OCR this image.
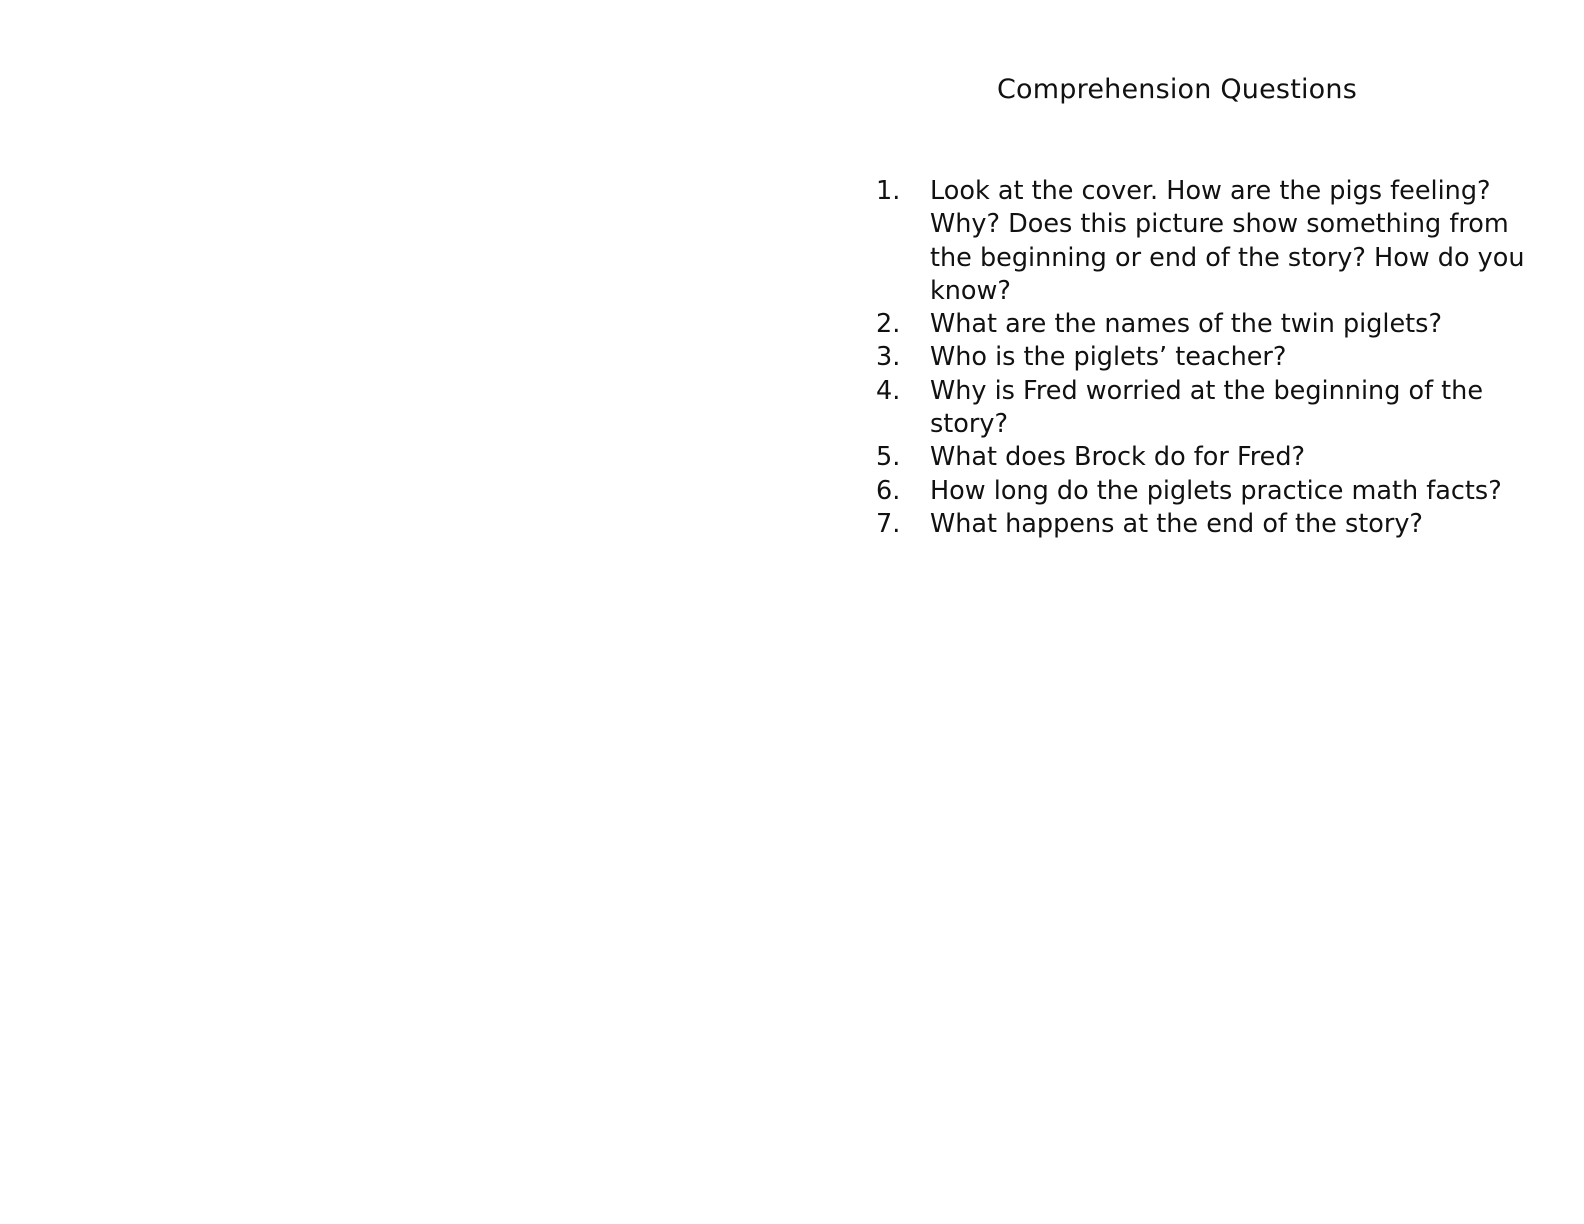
Comprehension Questions
1. Look at the cover. How are the pigs feeling? Why? Does this picture show something from the beginning or end of the story? How do you know?
2. What are the names of the twin piglets?
3. Who is the piglets’ teacher?
4. Why is Fred worried at the beginning of the story?
5. What does Brock do for Fred?
6. How long do the piglets practice math facts?
7. What happens at the end of the story?
